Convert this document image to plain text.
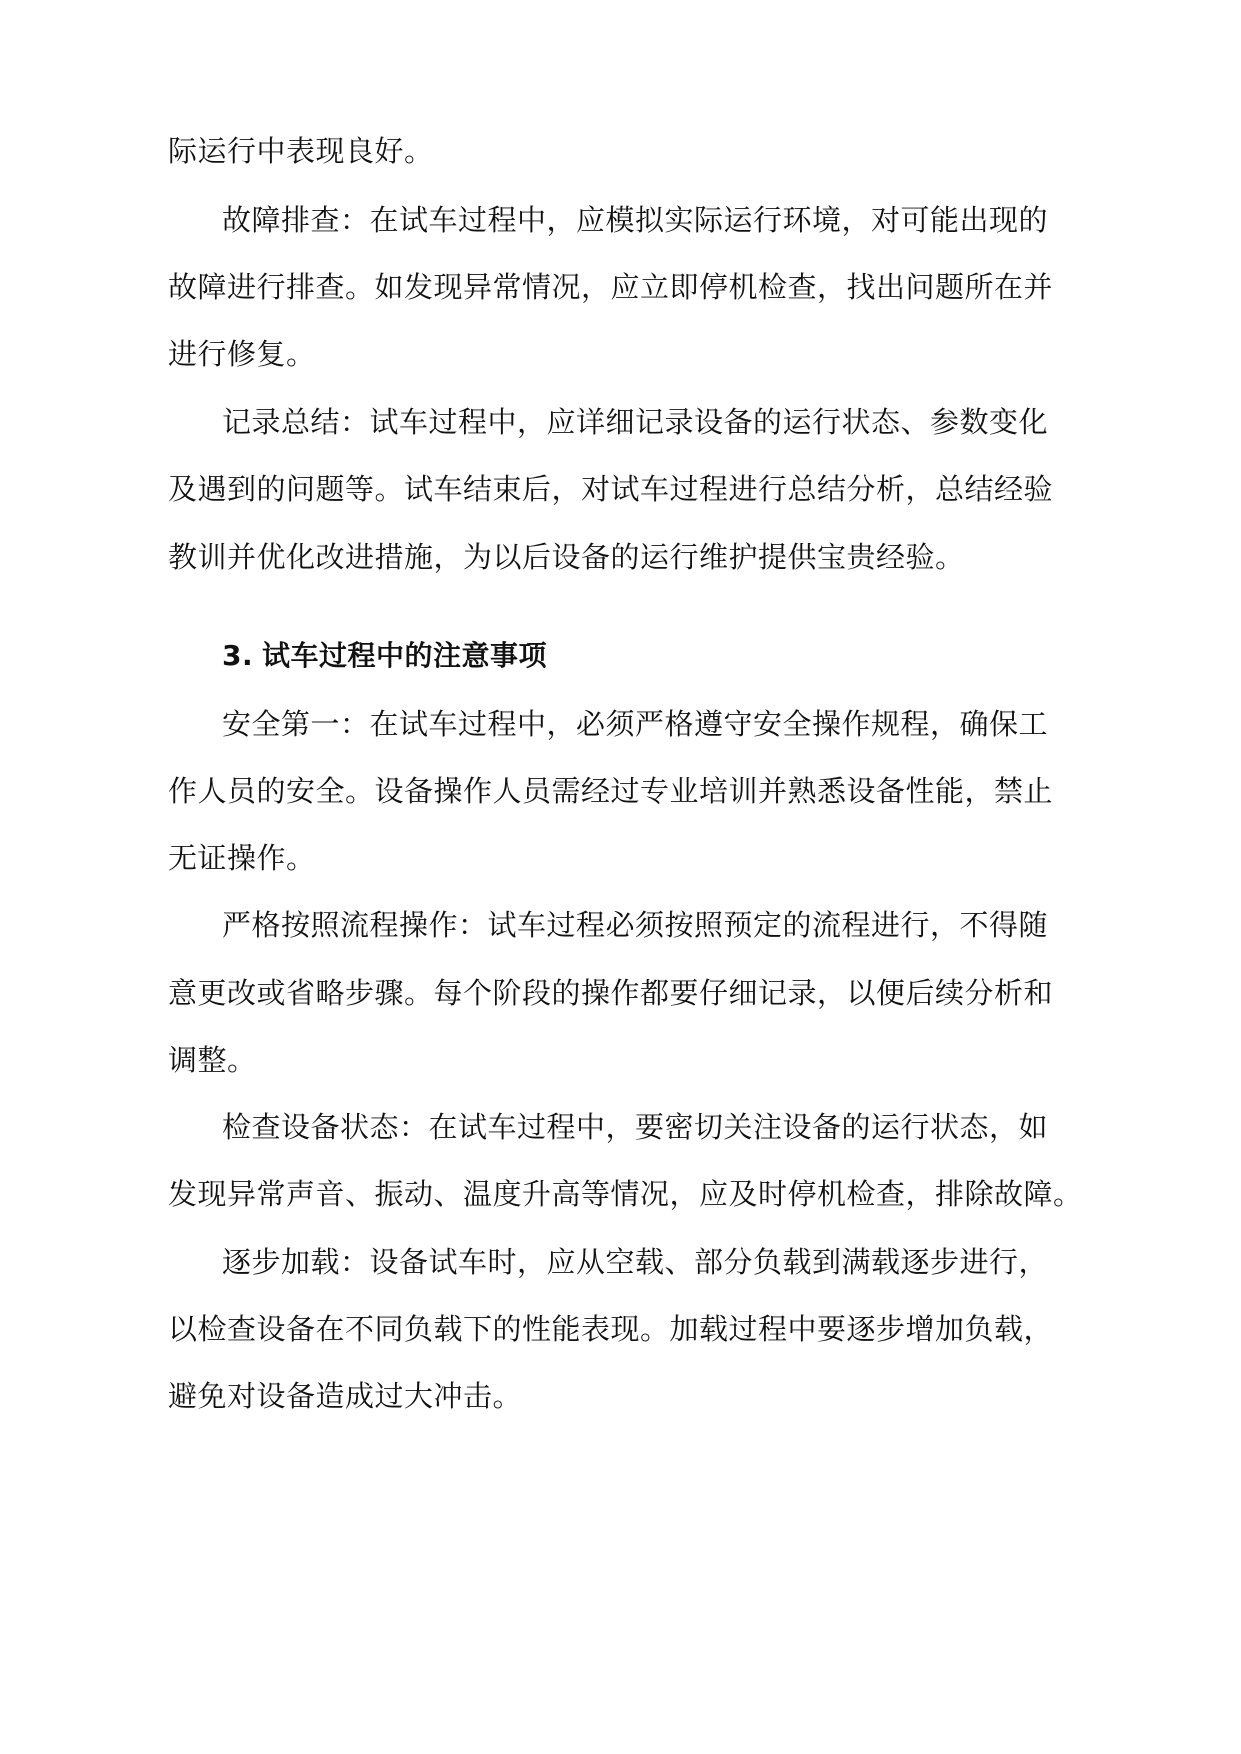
际运行中表现良好。
故障排查：在试车过程中，应模拟实际运行环境，对可能出现的
故障进行排查。如发现异常情况，应立即停机检查，找出问题所在并
进行修复。
记录总结：试车过程中，应详细记录设备的运行状态、参数变化
及遇到的问题等。试车结束后，对试车过程进行总结分析，总结经验
教训并优化改进措施，为以后设备的运行维护提供宝贵经验。
3. 试车过程中的注意事项
安全第一：在试车过程中，必须严格遵守安全操作规程，确保工
作人员的安全。设备操作人员需经过专业培训并熟悉设备性能，禁止
无证操作。
严格按照流程操作：试车过程必须按照预定的流程进行，不得随
意更改或省略步骤。每个阶段的操作都要仔细记录，以便后续分析和
调整。
检查设备状态：在试车过程中，要密切关注设备的运行状态，如
发现异常声音、振动、温度升高等情况，应及时停机检查，排除故障。
逐步加载：设备试车时，应从空载、部分负载到满载逐步进行，
以检查设备在不同负载下的性能表现。加载过程中要逐步增加负载，
避免对设备造成过大冲击。
